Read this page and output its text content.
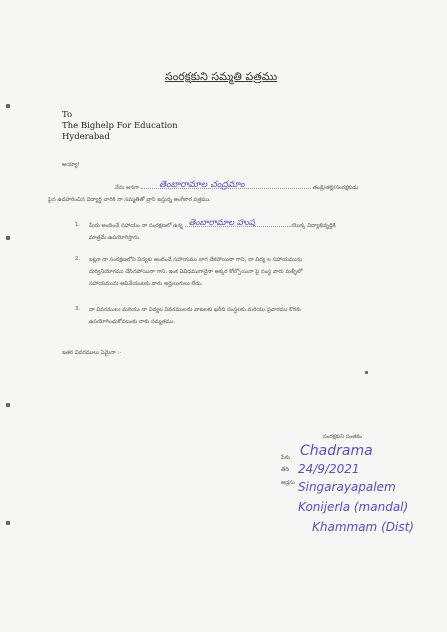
సంరక్షకుని సమ్మతి పత్రము
To
The Bighelp For Education
Hyderabad
అయ్యా!
నేను అనగా తెంబారామాల చంద్రమాం	తండ్రి/తల్లి/సంరక్షకుడు
పైన ఉదహరించిన విద్యార్థి చారికి నా సమ్మతితో వ్రాసి ఇస్తున్న అంగీకార పత్రము.
1. మీరు అందించే సహాయం నా సంరక్షణలో ఉన్న తెంబారామాల హుష	యొక్క విద్యాభివృద్ధికి
మాత్రమే ఉపయోగిస్తాను.
2. ఇట్లూ నా సంరక్షణలోని విద్యకు అందించే సహాయము లాగ చేకపోయినా గాని, నా విద్య ల సహాయమును
దుర్వినియోగము చేసినపోయినా గాని, ఇంక ఏవిధముగానైనా అక్కర కోల్పోయినా పై సంస్థ వారు మళ్ళీలో
సహాయమును ఆపివేయుటకు వారు అర్హులుగులు లేదు.
3. నా వివరములు మరియు నా విద్యల వివరములను వాటలకు ఖరీది సంస్థలకు మరియు ప్రచారము కొరకు
ఉపయోగించుకోవటంకు నాకు సమ్మతము.
ఇతర వివరములు ఏమైనా :-
సంరక్షకుని సంతకం
పేరు
తేది
అడ్రసు
Chadrama
24/9/2021
Singarayapalem
Konijerla (mandal)
Khammam (Dist)
